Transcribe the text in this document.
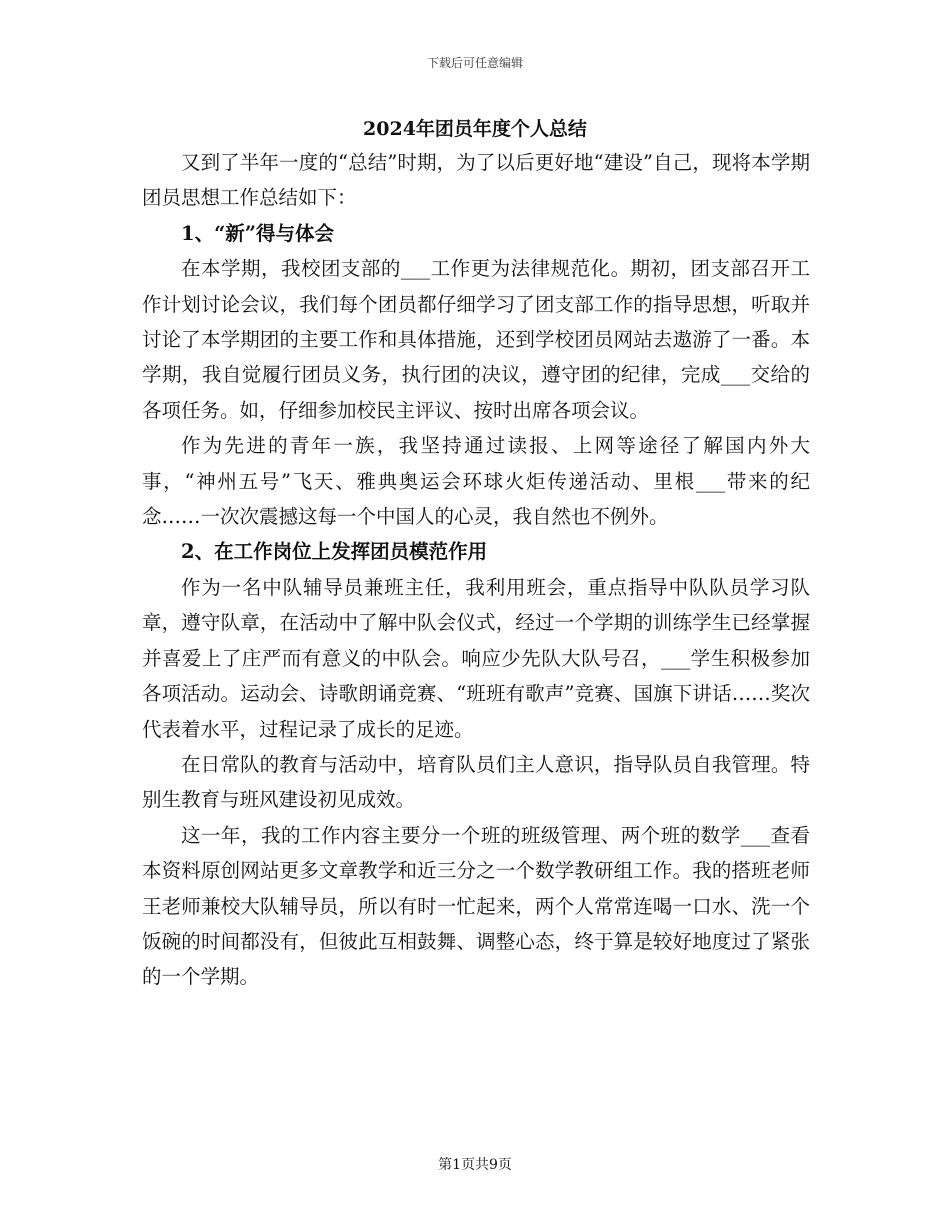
下载后可任意编辑
2024年团员年度个人总结

又到了半年一度的“总结”时期，为了以后更好地“建设”自己，现将本学期团员思想工作总结如下：

1、“新”得与体会

在本学期，我校团支部的___工作更为法律规范化。期初，团支部召开工作计划讨论会议，我们每个团员都仔细学习了团支部工作的指导思想，听取并讨论了本学期团的主要工作和具体措施，还到学校团员网站去遨游了一番。本学期，我自觉履行团员义务，执行团的决议，遵守团的纪律，完成___交给的各项任务。如，仔细参加校民主评议、按时出席各项会议。

作为先进的青年一族，我坚持通过读报、上网等途径了解国内外大事，“神州五号”飞天、雅典奥运会环球火炬传递活动、里根___带来的纪念……一次次震撼这每一个中国人的心灵，我自然也不例外。

2、在工作岗位上发挥团员模范作用

作为一名中队辅导员兼班主任，我利用班会，重点指导中队队员学习队章，遵守队章，在活动中了解中队会仪式，经过一个学期的训练学生已经掌握并喜爱上了庄严而有意义的中队会。响应少先队大队号召，___学生积极参加各项活动。运动会、诗歌朗诵竞赛、“班班有歌声”竞赛、国旗下讲话……奖次代表着水平，过程记录了成长的足迹。

在日常队的教育与活动中，培育队员们主人意识，指导队员自我管理。特别生教育与班风建设初见成效。

这一年，我的工作内容主要分一个班的班级管理、两个班的数学___查看本资料原创网站更多文章教学和近三分之一个数学教研组工作。我的搭班老师王老师兼校大队辅导员，所以有时一忙起来，两个人常常连喝一口水、洗一个饭碗的时间都没有，但彼此互相鼓舞、调整心态，终于算是较好地度过了紧张的一个学期。

第1页共9页
